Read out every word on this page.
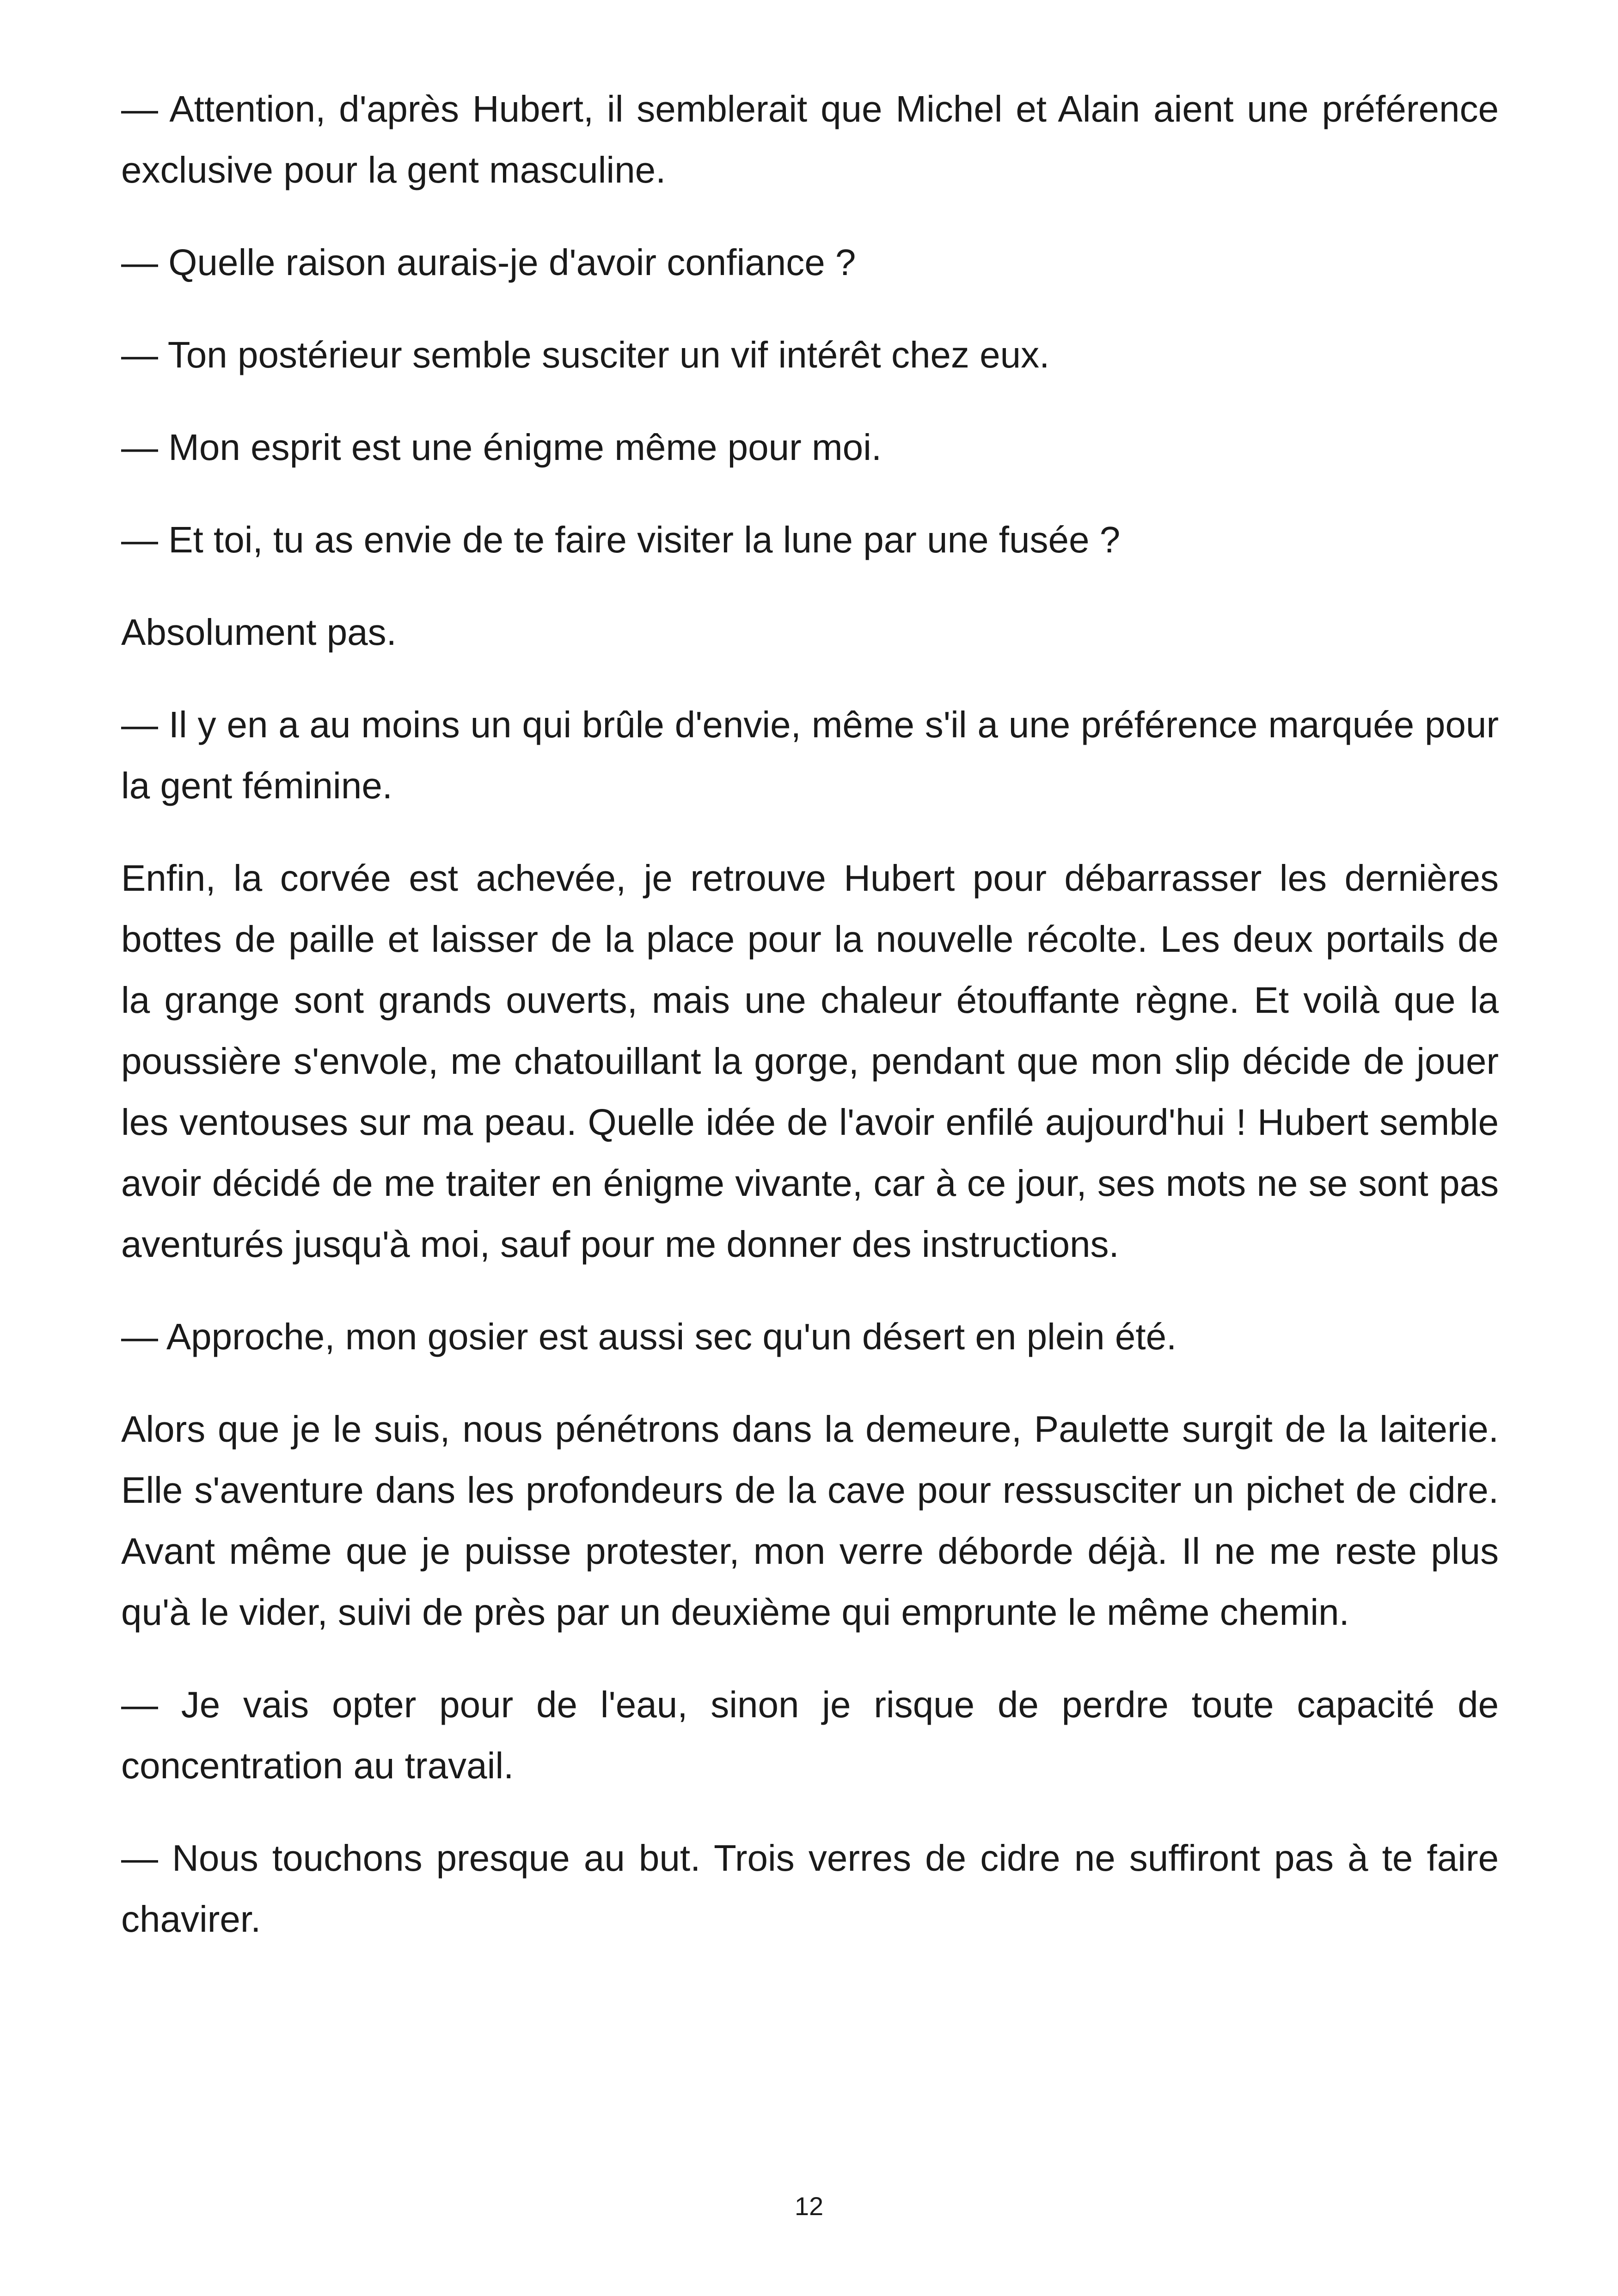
— Attention, d'après Hubert, il semblerait que Michel et Alain aient une préférence exclusive pour la gent masculine.

— Quelle raison aurais-je d'avoir confiance ?

— Ton postérieur semble susciter un vif intérêt chez eux.

— Mon esprit est une énigme même pour moi.

— Et toi, tu as envie de te faire visiter la lune par une fusée ?

Absolument pas.

— Il y en a au moins un qui brûle d'envie, même s'il a une préférence marquée pour la gent féminine.

Enfin, la corvée est achevée, je retrouve Hubert pour débarrasser les dernières bottes de paille et laisser de la place pour la nouvelle récolte. Les deux portails de la grange sont grands ouverts, mais une chaleur étouffante règne. Et voilà que la poussière s'envole, me chatouillant la gorge, pendant que mon slip décide de jouer les ventouses sur ma peau. Quelle idée de l'avoir enfilé aujourd'hui ! Hubert semble avoir décidé de me traiter en énigme vivante, car à ce jour, ses mots ne se sont pas aventurés jusqu'à moi, sauf pour me donner des instructions.

— Approche, mon gosier est aussi sec qu'un désert en plein été.

Alors que je le suis, nous pénétrons dans la demeure, Paulette surgit de la laiterie. Elle s'aventure dans les profondeurs de la cave pour ressusciter un pichet de cidre. Avant même que je puisse protester, mon verre déborde déjà. Il ne me reste plus qu'à le vider, suivi de près par un deuxième qui emprunte le même chemin.

— Je vais opter pour de l'eau, sinon je risque de perdre toute capacité de concentration au travail.

— Nous touchons presque au but. Trois verres de cidre ne suffiront pas à te faire chavirer.

12
